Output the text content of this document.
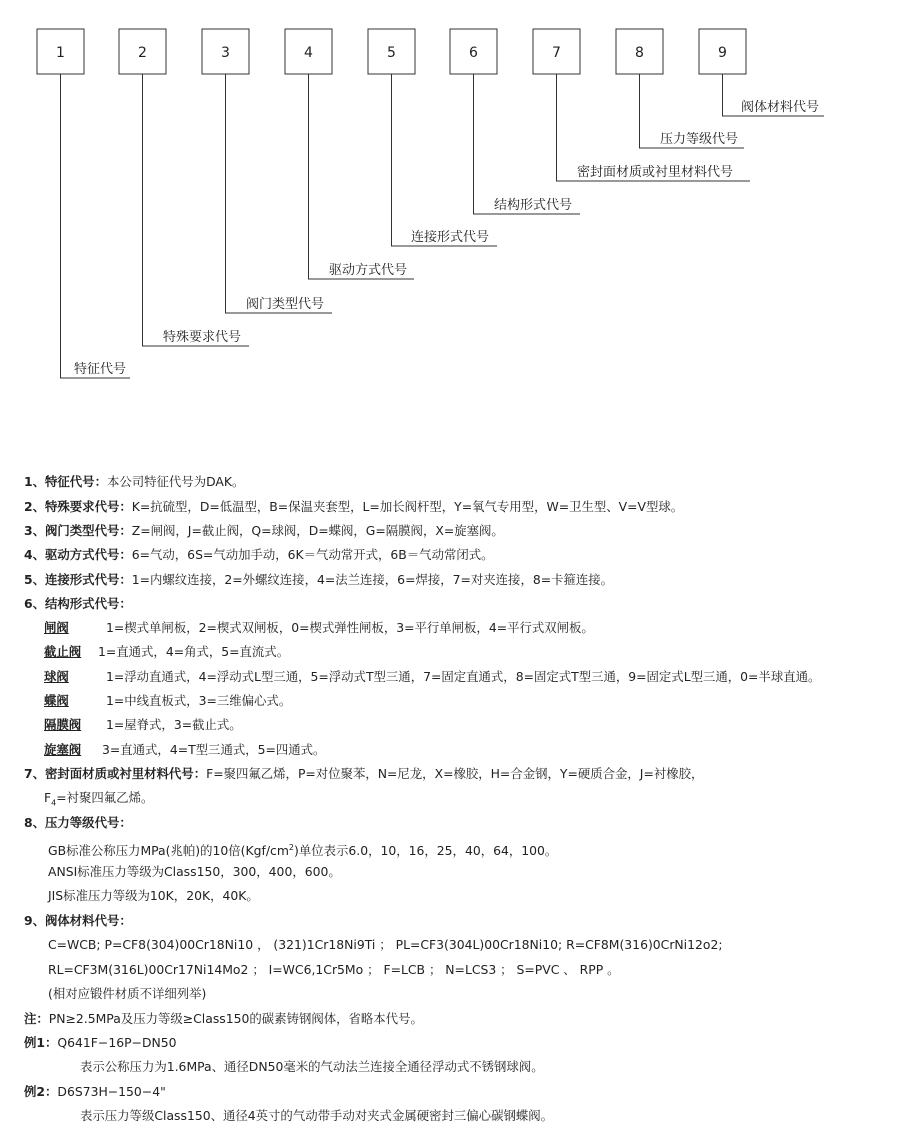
1	2	3	4	5	6	7	8	9
特征代号
特殊要求代号
阀门类型代号
驱动方式代号
连接形式代号
结构形式代号
密封面材质或衬里材料代号
压力等级代号
阀体材料代号
1、特征代号：本公司特征代号为DAK。
2、特殊要求代号：K=抗硫型，D=低温型，B=保温夹套型，L=加长阀杆型，Y=氧气专用型，W=卫生型、V=V型球。
3、阀门类型代号：Z=闸阀，J=截止阀，Q=球阀，D=蝶阀，G=隔膜阀，X=旋塞阀。
4、驱动方式代号：6=气动，6S=气动加手动，6K＝气动常开式，6B＝气动常闭式。
5、连接形式代号：1=内螺纹连接，2=外螺纹连接，4=法兰连接，6=焊接，7=对夹连接，8=卡箍连接。
6、结构形式代号：
闸阀	1=楔式单闸板，2=楔式双闸板，0=楔式弹性闸板，3=平行单闸板，4=平行式双闸板。
截止阀 1=直通式，4=角式，5=直流式。
球阀	1=浮动直通式，4=浮动式L型三通，5=浮动式T型三通，7=固定直通式，8=固定式T型三通，9=固定式L型三通，0=半球直通。
蝶阀	1=中线直板式，3=三维偏心式。
隔膜阀 1=屋脊式，3=截止式。
旋塞阀 3=直通式，4=T型三通式，5=四通式。
7、密封面材质或衬里材料代号：F=聚四氟乙烯，P=对位聚苯，N=尼龙，X=橡胶，H=合金钢，Y=硬质合金，J=衬橡胶，
$F_4=$衬聚四氟乙烯。
8、压力等级代号：
GB标准公称压力MPa(兆帕)的10倍$(Kgf/cm^2)$单位表示6.0，10，16，25，40，64，100。
ANSI标准压力等级为Class150，300，400，600。
JIS标准压力等级为10K，20K，40K。
9、阀体材料代号：
C=WCB; P=CF8(304)00Cr18Ni10 ， (321)1Cr18Ni9Ti ； PL=CF3(304L)00Cr18Ni10; R=CF8M(316)0CrNi12o2;
RL=CF3M(316L)00Cr17Ni14Mo2 ； I=WC6,1Cr5Mo ； F=LCB ； N=LCS3 ； S=PVC 、 RPP 。
(相对应锻件材质不详细列举)
注：PN≥2.5MPa及压力等级≥Class150的碳素铸钢阀体，省略本代号。
例1：Q641F−16P−DN50
表示公称压力为1.6MPa、通径DN50毫米的气动法兰连接全通径浮动式不锈钢球阀。
例2：D6S73H−150−4"
表示压力等级Class150、通径4英寸的气动带手动对夹式金属硬密封三偏心碳钢蝶阀。
